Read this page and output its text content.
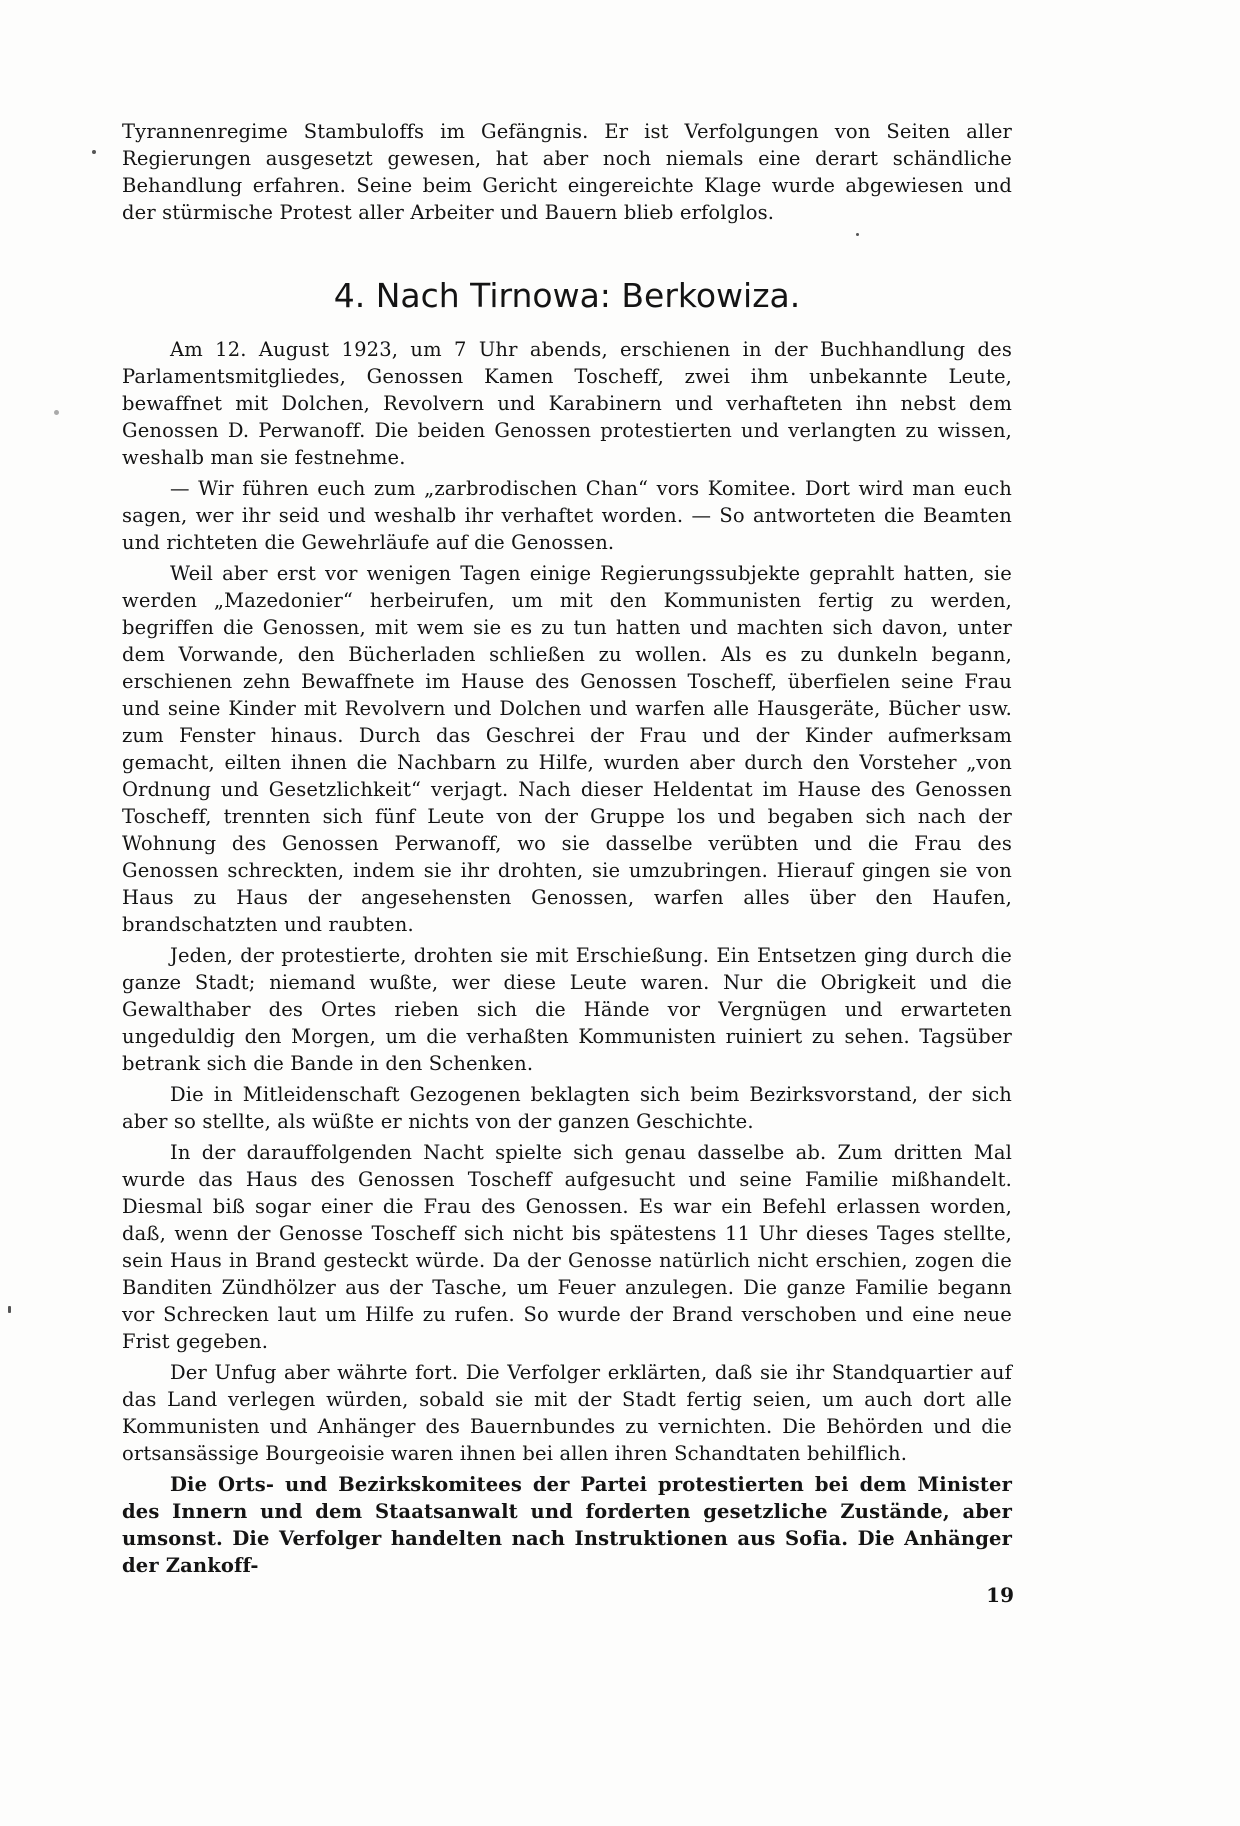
Tyrannenregime Stambuloffs im Gefängnis. Er ist Verfolgungen von Seiten aller Regierungen ausgesetzt gewesen, hat aber noch niemals eine derart schändliche Behandlung erfahren. Seine beim Gericht eingereichte Klage wurde abgewiesen und der stürmische Protest aller Arbeiter und Bauern blieb erfolglos.

4. Nach Tirnowa: Berkowiza.

Am 12. August 1923, um 7 Uhr abends, erschienen in der Buchhandlung des Parlamentsmitgliedes, Genossen Kamen Toscheff, zwei ihm unbekannte Leute, bewaffnet mit Dolchen, Revolvern und Karabinern und verhafteten ihn nebst dem Genossen D. Perwanoff. Die beiden Genossen protestierten und verlangten zu wissen, weshalb man sie festnehme.

— Wir führen euch zum „zarbrodischen Chan“ vors Komitee. Dort wird man euch sagen, wer ihr seid und weshalb ihr verhaftet worden. — So antworteten die Beamten und richteten die Gewehrläufe auf die Genossen.

Weil aber erst vor wenigen Tagen einige Regierungssubjekte geprahlt hatten, sie werden „Mazedonier“ herbeirufen, um mit den Kommunisten fertig zu werden, begriffen die Genossen, mit wem sie es zu tun hatten und machten sich davon, unter dem Vorwande, den Bücherladen schließen zu wollen. Als es zu dunkeln begann, erschienen zehn Bewaffnete im Hause des Genossen Toscheff, überfielen seine Frau und seine Kinder mit Revolvern und Dolchen und warfen alle Hausgeräte, Bücher usw. zum Fenster hinaus. Durch das Geschrei der Frau und der Kinder aufmerksam gemacht, eilten ihnen die Nachbarn zu Hilfe, wurden aber durch den Vorsteher „von Ordnung und Gesetzlichkeit“ verjagt. Nach dieser Heldentat im Hause des Genossen Toscheff, trennten sich fünf Leute von der Gruppe los und begaben sich nach der Wohnung des Genossen Perwanoff, wo sie dasselbe verübten und die Frau des Genossen schreckten, indem sie ihr drohten, sie umzubringen. Hierauf gingen sie von Haus zu Haus der angesehensten Genossen, warfen alles über den Haufen, brandschatzten und raubten.

Jeden, der protestierte, drohten sie mit Erschießung. Ein Entsetzen ging durch die ganze Stadt; niemand wußte, wer diese Leute waren. Nur die Obrigkeit und die Gewalthaber des Ortes rieben sich die Hände vor Vergnügen und erwarteten ungeduldig den Morgen, um die verhaßten Kommunisten ruiniert zu sehen. Tagsüber betrank sich die Bande in den Schenken.

Die in Mitleidenschaft Gezogenen beklagten sich beim Bezirksvorstand, der sich aber so stellte, als wüßte er nichts von der ganzen Geschichte.

In der darauffolgenden Nacht spielte sich genau dasselbe ab. Zum dritten Mal wurde das Haus des Genossen Toscheff aufgesucht und seine Familie mißhandelt. Diesmal biß sogar einer die Frau des Genossen. Es war ein Befehl erlassen worden, daß, wenn der Genosse Toscheff sich nicht bis spätestens 11 Uhr dieses Tages stellte, sein Haus in Brand gesteckt würde. Da der Genosse natürlich nicht erschien, zogen die Banditen Zündhölzer aus der Tasche, um Feuer anzulegen. Die ganze Familie begann vor Schrecken laut um Hilfe zu rufen. So wurde der Brand verschoben und eine neue Frist gegeben.

Der Unfug aber währte fort. Die Verfolger erklärten, daß sie ihr Standquartier auf das Land verlegen würden, sobald sie mit der Stadt fertig seien, um auch dort alle Kommunisten und Anhänger des Bauernbundes zu vernichten. Die Behörden und die ortsansässige Bourgeoisie waren ihnen bei allen ihren Schandtaten behilflich.

Die Orts- und Bezirkskomitees der Partei protestierten bei dem Minister des Innern und dem Staatsanwalt und forderten gesetzliche Zustände, aber umsonst. Die Verfolger handelten nach Instruktionen aus Sofia. Die Anhänger der Zankoff-

19
